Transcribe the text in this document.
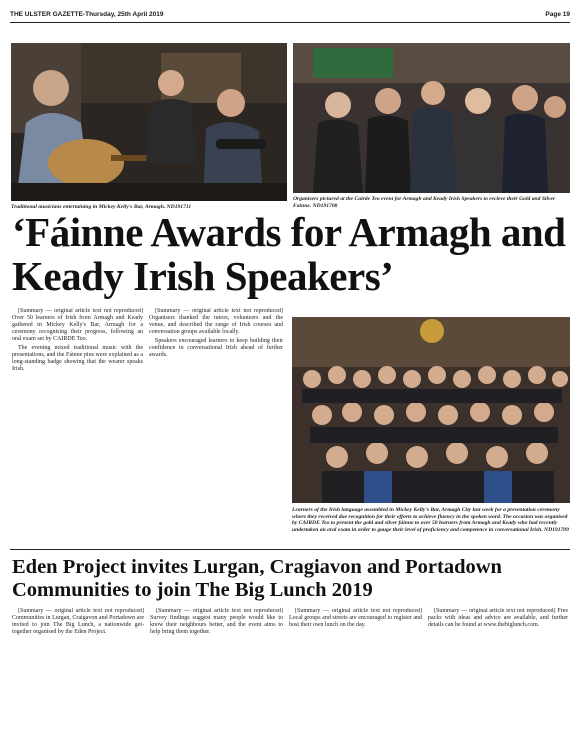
THE ULSTER GAZETTE-Thursday, 25th April 2019	Page 19
Traditional musicians entertaining in Mickey Kelly's Bar, Armagh. ND191711
Organisers pictured at the Cairde Teo event for Armagh and Keady Irish Speakers to recieve their Gold and Silver Fainne. ND191708
‘Fáinne Awards for Armagh and Keady Irish Speakers’

[Summary — original article text not reproduced] Over 50 learners of Irish from Armagh and Keady gathered in Mickey Kelly's Bar, Armagh for a ceremony recognising their progress, following an oral exam set by CAIRDE Teo.

The evening mixed traditional music with the presentations, and the Fáinne pins were explained as a long-standing badge showing that the wearer speaks Irish.

[Summary — original article text not reproduced] Organisers thanked the tutors, volunteers and the venue, and described the range of Irish courses and conversation groups available locally.

Speakers encouraged learners to keep building their confidence in conversational Irish ahead of further awards.

Learners of the Irish language assembled in Mickey Kelly's Bar, Armagh City last week for a presentation ceremony where they received due recognition for their efforts to achieve fluency in the spoken word. The occasion was organised by CAIRDE Teo to present the gold and silver fáinne to over 50 learners from Armagh and Keady who had recently undertaken an oral exam in order to gauge their level of proficiency and competence in conversational Irish. ND191709
Eden Project invites Lurgan, Cragiavon and Portadown Communities to join The Big Lunch 2019

[Summary — original article text not reproduced] Communities in Lurgan, Craigavon and Portadown are invited to join The Big Lunch, a nationwide get-together organised by the Eden Project.

[Summary — original article text not reproduced] Survey findings suggest many people would like to know their neighbours better, and the event aims to help bring them together.

[Summary — original article text not reproduced] Local groups and streets are encouraged to register and host their own lunch on the day.

[Summary — original article text not reproduced] Free packs with ideas and advice are available, and further details can be found at www.thebiglunch.com.
